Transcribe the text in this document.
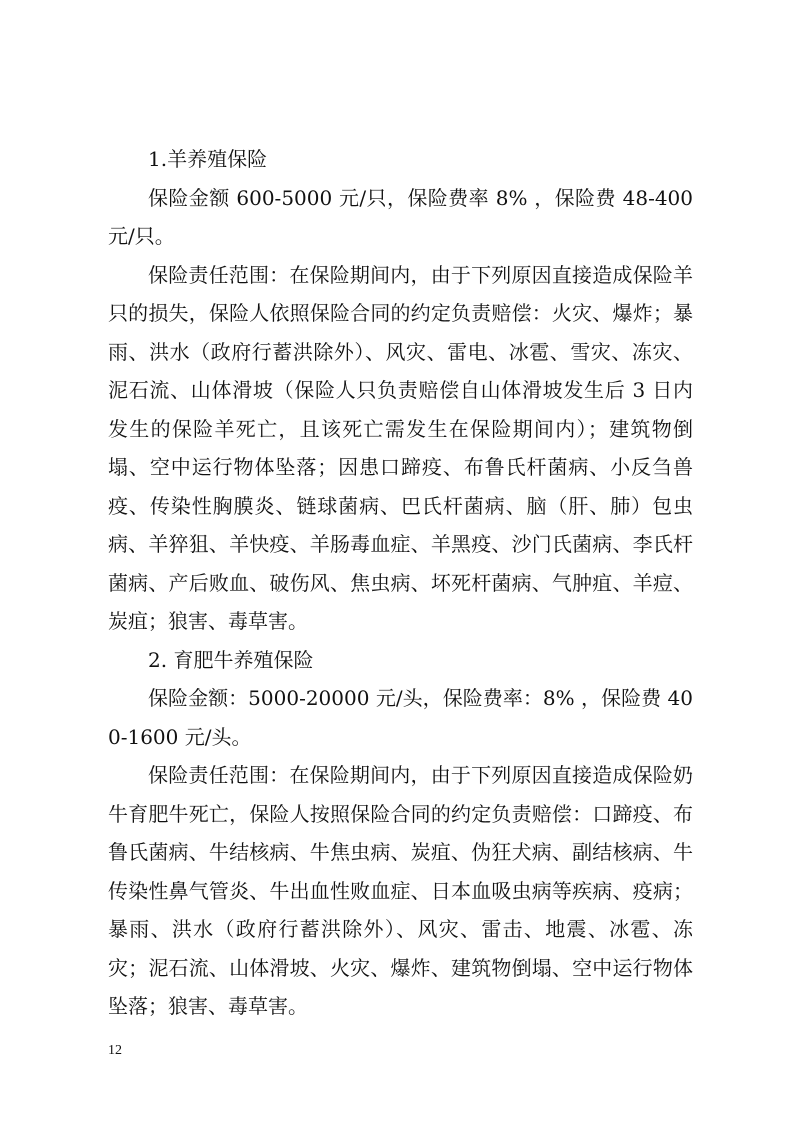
1.羊养殖保险

保险金额 600-5000 元/只，保险费率 8% ，保险费 48-400 元/只。

保险责任范围：在保险期间内，由于下列原因直接造成保险羊只的损失，保险人依照保险合同的约定负责赔偿：火灾、爆炸；暴雨、洪水（政府行蓄洪除外）、风灾、雷电、冰雹、雪灾、冻灾、泥石流、山体滑坡（保险人只负责赔偿自山体滑坡发生后 3 日内发生的保险羊死亡，且该死亡需发生在保险期间内）；建筑物倒塌、空中运行物体坠落；因患口蹄疫、布鲁氏杆菌病、小反刍兽疫、传染性胸膜炎、链球菌病、巴氏杆菌病、脑（肝、肺）包虫病、羊猝狙、羊快疫、羊肠毒血症、羊黑疫、沙门氏菌病、李氏杆菌病、产后败血、破伤风、焦虫病、坏死杆菌病、气肿疽、羊痘、炭疽；狼害、毒草害。

2. 育肥牛养殖保险

保险金额：5000-20000 元/头，保险费率：8% ，保险费 400-1600 元/头。

保险责任范围：在保险期间内，由于下列原因直接造成保险奶牛育肥牛死亡，保险人按照保险合同的约定负责赔偿：口蹄疫、布鲁氏菌病、牛结核病、牛焦虫病、炭疽、伪狂犬病、副结核病、牛传染性鼻气管炎、牛出血性败血症、日本血吸虫病等疾病、疫病；暴雨、洪水（政府行蓄洪除外）、风灾、雷击、地震、冰雹、冻灾；泥石流、山体滑坡、火灾、爆炸、建筑物倒塌、空中运行物体坠落；狼害、毒草害。

12
